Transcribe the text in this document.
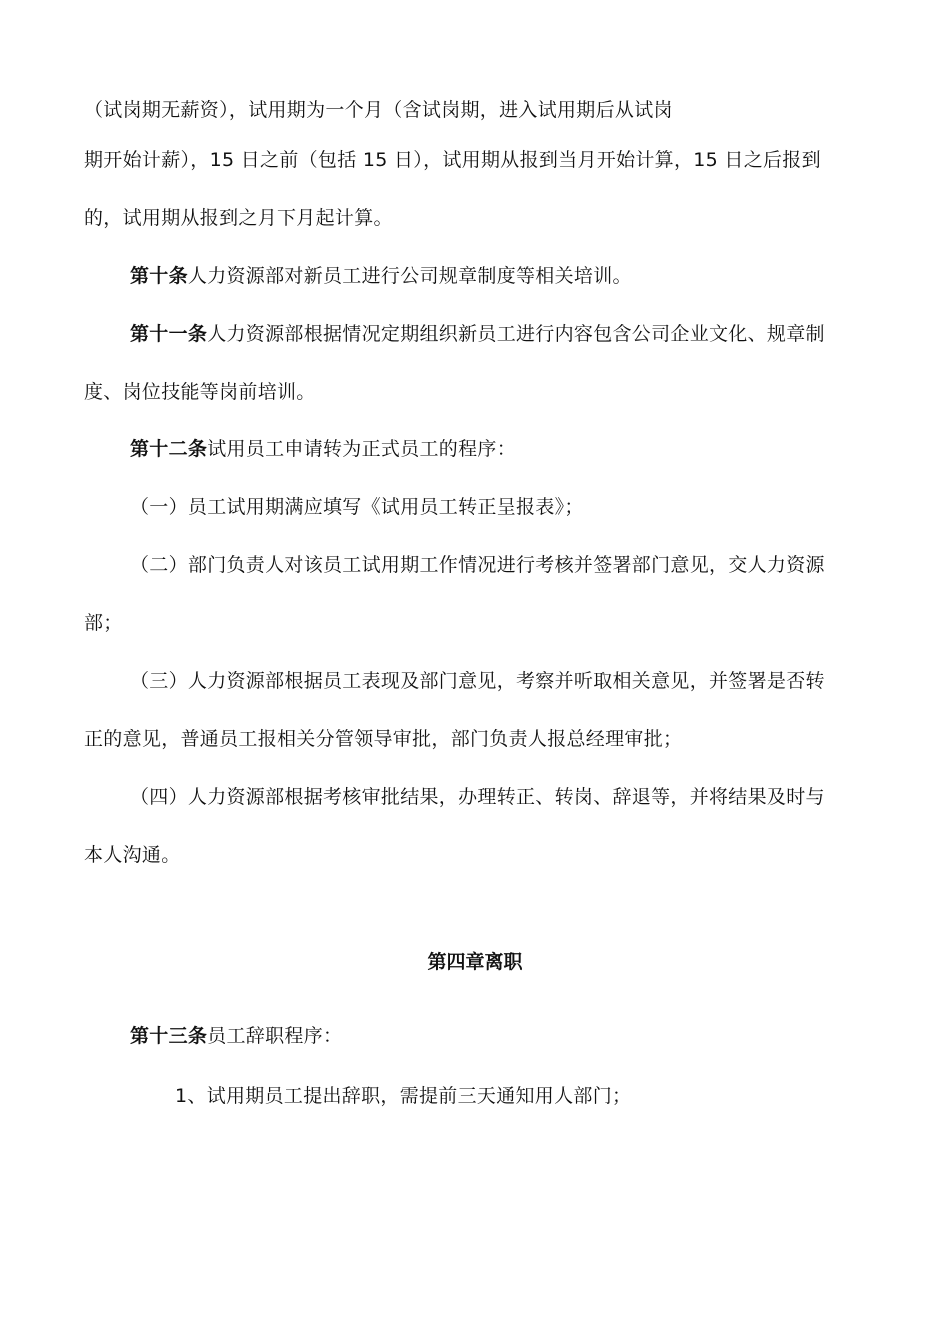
（试岗期无薪资），试用期为一个月（含试岗期，进入试用期后从试岗
期开始计薪），15 日之前（包括 15 日），试用期从报到当月开始计算，15 日之后报到
的，试用期从报到之月下月起计算。
第十条人力资源部对新员工进行公司规章制度等相关培训。
第十一条人力资源部根据情况定期组织新员工进行内容包含公司企业文化、规章制
度、岗位技能等岗前培训。
第十二条试用员工申请转为正式员工的程序：
（一）员工试用期满应填写《试用员工转正呈报表》；
（二）部门负责人对该员工试用期工作情况进行考核并签署部门意见，交人力资源
部；
（三）人力资源部根据员工表现及部门意见，考察并听取相关意见，并签署是否转
正的意见，普通员工报相关分管领导审批，部门负责人报总经理审批；
（四）人力资源部根据考核审批结果，办理转正、转岗、辞退等，并将结果及时与
本人沟通。
第四章离职
第十三条员工辞职程序：
1、试用期员工提出辞职，需提前三天通知用人部门；
